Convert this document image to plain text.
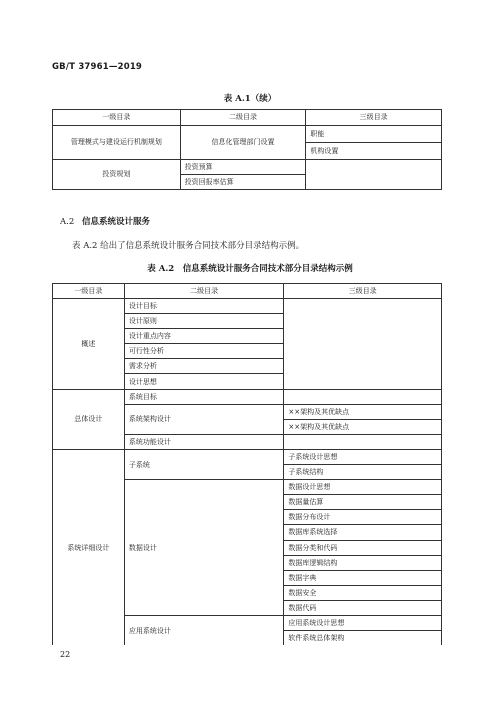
GB/T 37961—2019
表 A.1（续）
一级目录	二级目录	三级目录
管理模式与建设运行机制规划	信息化管理部门设置	职能
		机构设置
投资规划	投资预算	
	投资回报率估算	
A.2 信息系统设计服务
表 A.2 给出了信息系统设计服务合同技术部分目录结构示例。
表 A.2　信息系统设计服务合同技术部分目录结构示例
一级目录	二级目录	三级目录
概述	设计目标	
	设计原则	
	设计重点内容	
	可行性分析	
	需求分析	
	设计思想	
总体设计	系统目标	
	系统架构设计	××架构及其优缺点
		××架构及其优缺点
	系统功能设计	
系统详细设计	子系统	子系统设计思想
		子系统结构
	数据设计	数据设计思想
		数据量估算
		数据分布设计
		数据库系统选择
		数据分类和代码
		数据库逻辑结构
		数据字典
		数据安全
		数据代码
	应用系统设计	应用系统设计思想
		软件系统总体架构
22
